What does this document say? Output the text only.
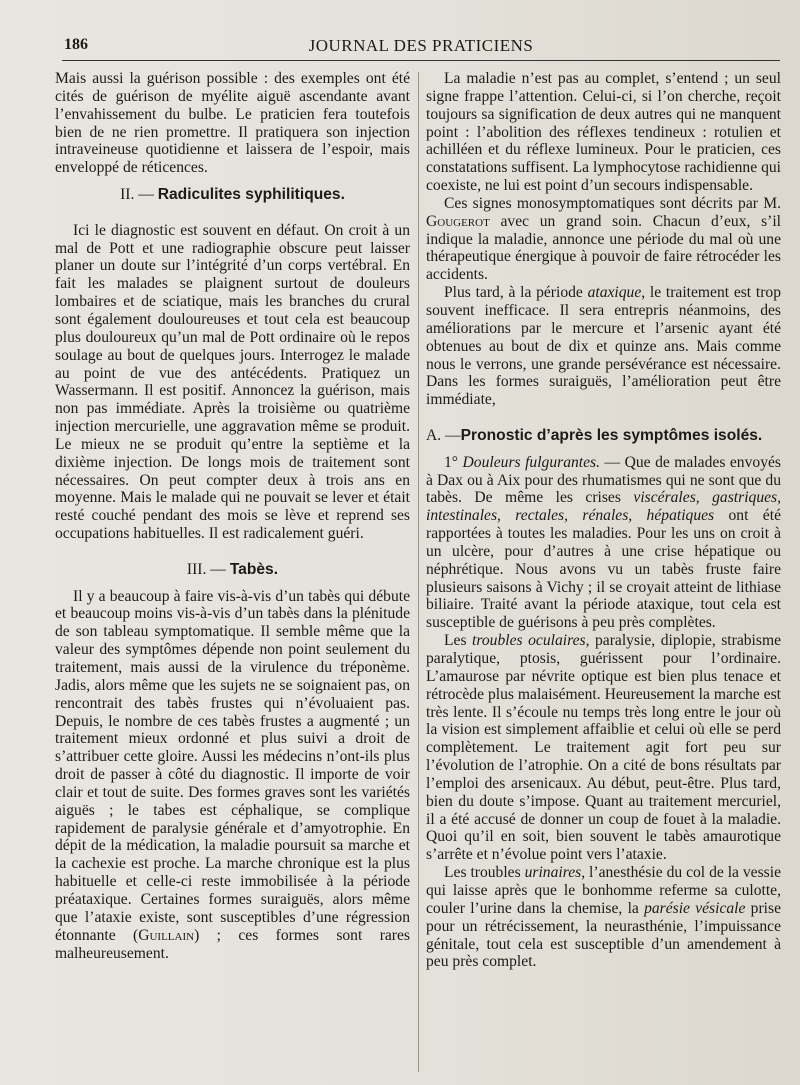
186	JOURNAL DES PRATICIENS

Mais aussi la guérison possible : des exemples ont été cités de guérison de myélite aiguë ascendante avant l’envahissement du bulbe. Le praticien fera toutefois bien de ne rien promettre. Il pratiquera son injection intraveineuse quotidienne et laissera de l’espoir, mais enveloppé de réticences.

II. — Radiculites syphilitiques.

Ici le diagnostic est souvent en défaut. On croit à un mal de Pott et une radiographie obscure peut laisser planer un doute sur l’intégrité d’un corps vertébral. En fait les malades se plaignent surtout de douleurs lombaires et de sciatique, mais les branches du crural sont également douloureuses et tout cela est beaucoup plus douloureux qu’un mal de Pott ordinaire où le repos soulage au bout de quelques jours. Interrogez le malade au point de vue des antécédents. Pratiquez un Wassermann. Il est positif. Annoncez la guérison, mais non pas immédiate. Après la troisième ou quatrième injection mercurielle, une aggravation même se produit. Le mieux ne se produit qu’entre la septième et la dixième injection. De longs mois de traitement sont nécessaires. On peut compter deux à trois ans en moyenne. Mais le malade qui ne pouvait se lever et était resté couché pendant des mois se lève et reprend ses occupations habituelles. Il est radicalement guéri.

III. — Tabès.

Il y a beaucoup à faire vis-à-vis d’un tabès qui débute et beaucoup moins vis-à-vis d’un tabès dans la plénitude de son tableau symptomatique. Il semble même que la valeur des symptômes dépende non point seulement du traitement, mais aussi de la virulence du tréponème. Jadis, alors même que les sujets ne se soignaient pas, on rencontrait des tabès frustes qui n’évoluaient pas. Depuis, le nombre de ces tabès frustes a augmenté ; un traitement mieux ordonné et plus suivi a droit de s’attribuer cette gloire. Aussi les médecins n’ont-ils plus droit de passer à côté du diagnostic. Il importe de voir clair et tout de suite. Des formes graves sont les variétés aiguës ; le tabes est céphalique, se complique rapidement de paralysie générale et d’amyotrophie. En dépit de la médication, la maladie poursuit sa marche et la cachexie est proche. La marche chronique est la plus habituelle et celle-ci reste immobilisée à la période préataxique. Certaines formes suraiguës, alors même que l’ataxie existe, sont susceptibles d’une régression étonnante (Guillain) ; ces formes sont rares malheureusement.

La maladie n’est pas au complet, s’entend ; un seul signe frappe l’attention. Celui-ci, si l’on cherche, reçoit toujours sa signification de deux autres qui ne manquent point : l’abolition des réflexes tendineux : rotulien et achilléen et du réflexe lumineux. Pour le praticien, ces constatations suffisent. La lymphocytose rachidienne qui coexiste, ne lui est point d’un secours indispensable.

Ces signes monosymptomatiques sont décrits par M. Gougerot avec un grand soin. Chacun d’eux, s’il indique la maladie, annonce une période du mal où une thérapeutique énergique à pouvoir de faire rétrocéder les accidents.

Plus tard, à la période ataxique, le traitement est trop souvent inefficace. Il sera entrepris néanmoins, des améliorations par le mercure et l’arsenic ayant été obtenues au bout de dix et quinze ans. Mais comme nous le verrons, une grande persévérance est nécessaire. Dans les formes suraiguës, l’amélioration peut être immédiate,

A. —Pronostic d’après les symptômes isolés.

1° Douleurs fulgurantes. — Que de malades envoyés à Dax ou à Aix pour des rhumatismes qui ne sont que du tabès. De même les crises viscérales, gastriques, intestinales, rectales, rénales, hépatiques ont été rapportées à toutes les maladies. Pour les uns on croit à un ulcère, pour d’autres à une crise hépatique ou néphrétique. Nous avons vu un tabès fruste faire plusieurs saisons à Vichy ; il se croyait atteint de lithiase biliaire. Traité avant la période ataxique, tout cela est susceptible de guérisons à peu près complètes.

Les troubles oculaires, paralysie, diplopie, strabisme paralytique, ptosis, guérissent pour l’ordinaire. L’amaurose par névrite optique est bien plus tenace et rétrocède plus malaisément. Heureusement la marche est très lente. Il s’écoule nu temps très long entre le jour où la vision est simplement affaiblie et celui où elle se perd complètement. Le traitement agit fort peu sur l’évolution de l’atrophie. On a cité de bons résultats par l’emploi des arsenicaux. Au début, peut-être. Plus tard, bien du doute s’impose. Quant au traitement mercuriel, il a été accusé de donner un coup de fouet à la maladie. Quoi qu’il en soit, bien souvent le tabès amaurotique s’arrête et n’évolue point vers l’ataxie.

Les troubles urinaires, l’anesthésie du col de la vessie qui laisse après que le bonhomme referme sa culotte, couler l’urine dans la chemise, la parésie vésicale prise pour un rétrécissement, la neurasthénie, l’impuissance génitale, tout cela est susceptible d’un amendement à peu près complet.
